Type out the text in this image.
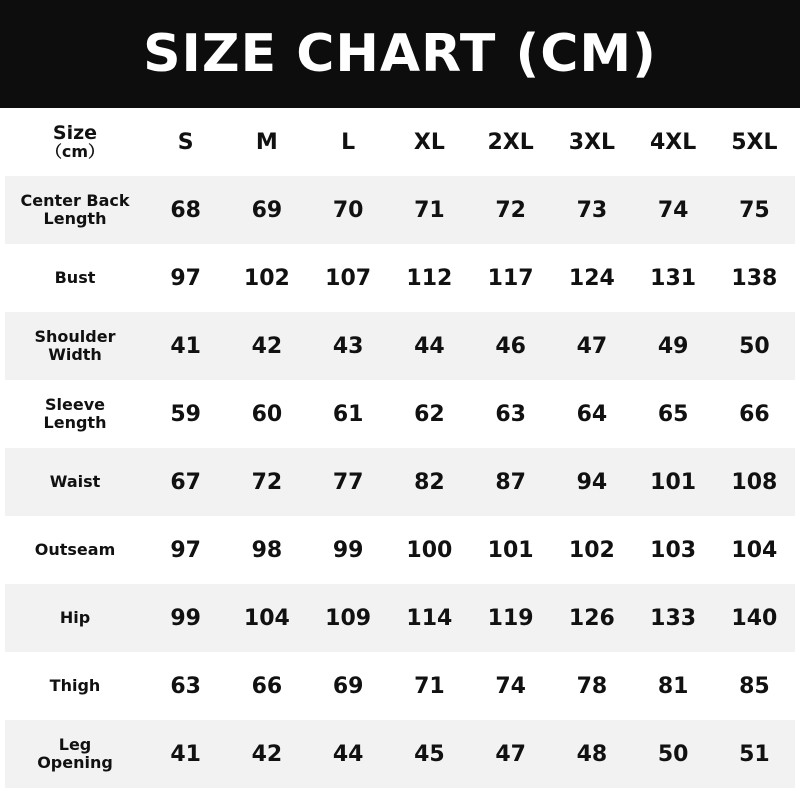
SIZE CHART (CM)
Size
（cm）	S	M	L	XL	2XL	3XL	4XL	5XL
Center Back
Length	68	69	70	71	72	73	74	75
Bust	97	102	107	112	117	124	131	138
Shoulder
Width	41	42	43	44	46	47	49	50
Sleeve
Length	59	60	61	62	63	64	65	66
Waist	67	72	77	82	87	94	101	108
Outseam	97	98	99	100	101	102	103	104
Hip	99	104	109	114	119	126	133	140
Thigh	63	66	69	71	74	78	81	85
Leg
Opening	41	42	44	45	47	48	50	51
